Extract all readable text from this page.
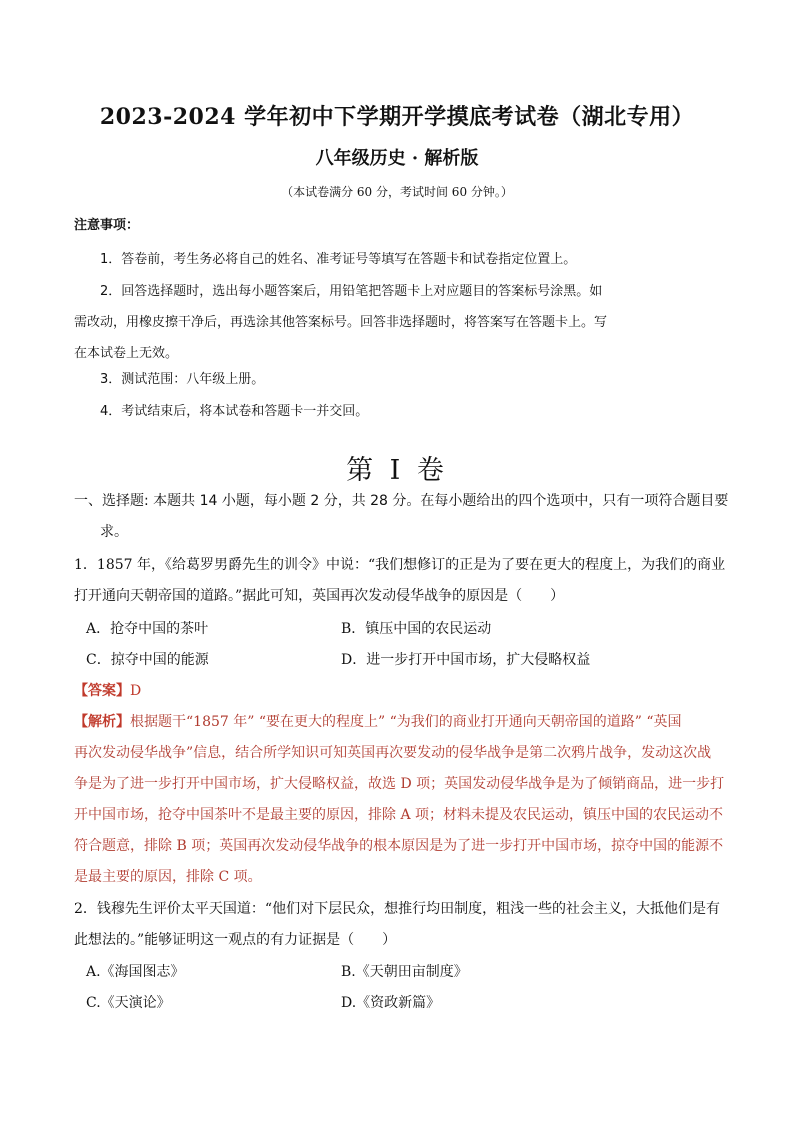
2023-2024 学年初中下学期开学摸底考试卷（湖北专用）
八年级历史 · 解析版
（本试卷满分 60 分，考试时间 60 分钟。）
注意事项：
1．答卷前，考生务必将自己的姓名、准考证号等填写在答题卡和试卷指定位置上。
2．回答选择题时，选出每小题答案后，用铅笔把答题卡上对应题目的答案标号涂黑。如
需改动，用橡皮擦干净后，再选涂其他答案标号。回答非选择题时，将答案写在答题卡上。写
在本试卷上无效。
3．测试范围：八年级上册。
4．考试结束后，将本试卷和答题卡一并交回。
第 I 卷
一、选择题: 本题共 14 小题，每小题 2 分，共 28 分。在每小题给出的四个选项中，只有一项符合题目要
求。
1．1857 年，《给葛罗男爵先生的训令》中说：“我们想修订的正是为了要在更大的程度上，为我们的商业
打开通向天朝帝国的道路。”据此可知，英国再次发动侵华战争的原因是（　　）
A．抢夺中国的茶叶	B．镇压中国的农民运动
C．掠夺中国的能源	D．进一步打开中国市场，扩大侵略权益
【答案】D
【解析】根据题干“1857 年” “要在更大的程度上” “为我们的商业打开通向天朝帝国的道路” “英国
再次发动侵华战争”信息，结合所学知识可知英国再次要发动的侵华战争是第二次鸦片战争，发动这次战
争是为了进一步打开中国市场，扩大侵略权益，故选 D 项；英国发动侵华战争是为了倾销商品，进一步打
开中国市场，抢夺中国茶叶不是最主要的原因，排除 A 项；材料未提及农民运动，镇压中国的农民运动不
符合题意，排除 B 项；英国再次发动侵华战争的根本原因是为了进一步打开中国市场，掠夺中国的能源不
是最主要的原因，排除 C 项。
2．钱穆先生评价太平天国道：“他们对下层民众，想推行均田制度，粗浅一些的社会主义，大抵他们是有
此想法的。”能够证明这一观点的有力证据是（　　）
A.《海国图志》	B.《天朝田亩制度》
C.《天演论》	D.《资政新篇》
